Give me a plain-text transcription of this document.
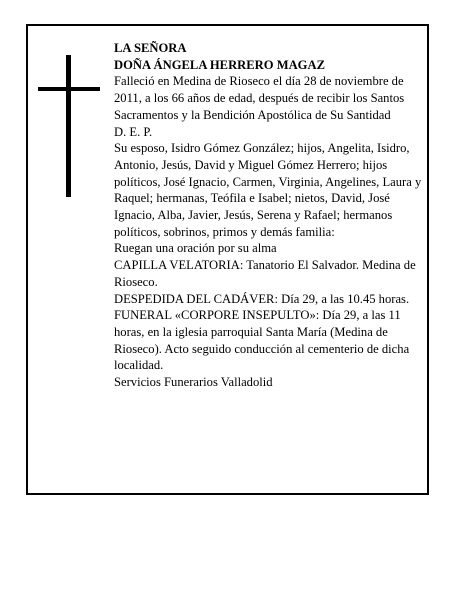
LA SEÑORA

DOÑA ÁNGELA HERRERO MAGAZ

Falleció en Medina de Rioseco el día 28 de noviembre de 2011, a los 66 años de edad, después de recibir los Santos Sacramentos y la Bendición Apostólica de Su Santidad

D. E. P.

Su esposo, Isidro Gómez González; hijos, Angelita, Isidro, Antonio, Jesús, David y Miguel Gómez Herrero; hijos políticos, José Ignacio, Carmen, Virginia, Angelines, Laura y Raquel; hermanas, Teófila e Isabel; nietos, David, José Ignacio, Alba, Javier, Jesús, Serena y Rafael; hermanos políticos, sobrinos, primos y demás familia:

Ruegan una oración por su alma

CAPILLA VELATORIA: Tanatorio El Salvador. Medina de Rioseco.

DESPEDIDA DEL CADÁVER: Día 29, a las 10.45 horas.

FUNERAL «CORPORE INSEPULTO»: Día 29, a las 11 horas, en la iglesia parroquial Santa María (Medina de Rioseco). Acto seguido conducción al cementerio de dicha localidad.

Servicios Funerarios Valladolid
